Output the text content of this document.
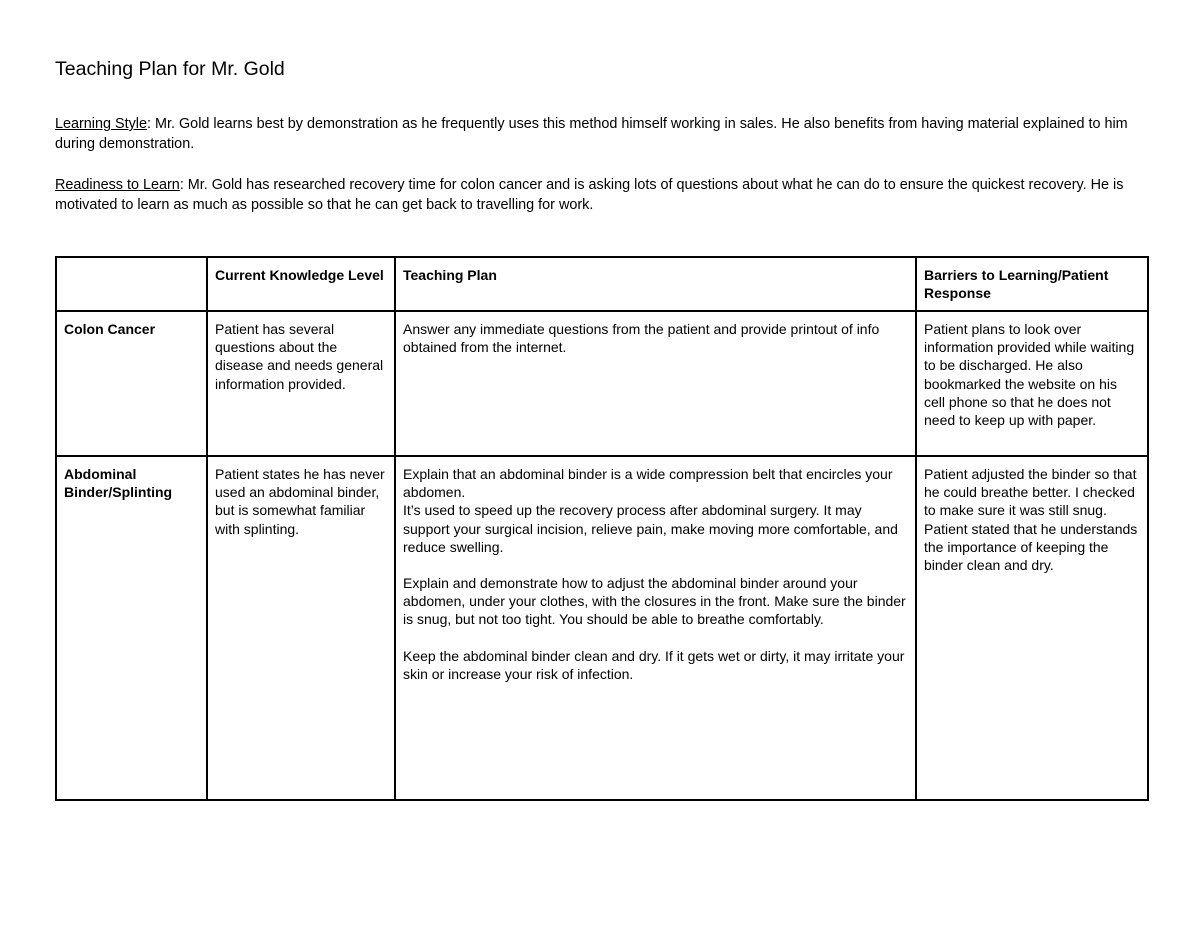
Teaching Plan for Mr. Gold
Learning Style: Mr. Gold learns best by demonstration as he frequently uses this method himself working in sales. He also benefits from having material explained to him during demonstration.
Readiness to Learn: Mr. Gold has researched recovery time for colon cancer and is asking lots of questions about what he can do to ensure the quickest recovery. He is motivated to learn as much as possible so that he can get back to travelling for work.
	Current Knowledge Level	Teaching Plan	Barriers to Learning/Patient Response
Colon Cancer	Patient has several questions about the disease and needs general information provided.	Answer any immediate questions from the patient and provide printout of info obtained from the internet.	Patient plans to look over information provided while waiting to be discharged. He also bookmarked the website on his cell phone so that he does not need to keep up with paper.
Abdominal Binder/Splinting	Patient states he has never used an abdominal binder, but is somewhat familiar with splinting.	Explain that an abdominal binder is a wide compression belt that encircles your abdomen.
It’s used to speed up the recovery process after abdominal surgery. It may support your surgical incision, relieve pain, make moving more comfortable, and reduce swelling.
Explain and demonstrate how to adjust the abdominal binder around your abdomen, under your clothes, with the closures in the front. Make sure the binder is snug, but not too tight. You should be able to breathe comfortably.
Keep the abdominal binder clean and dry. If it gets wet or dirty, it may irritate your skin or increase your risk of infection.	Patient adjusted the binder so that he could breathe better. I checked to make sure it was still snug. Patient stated that he understands the importance of keeping the binder clean and dry.
